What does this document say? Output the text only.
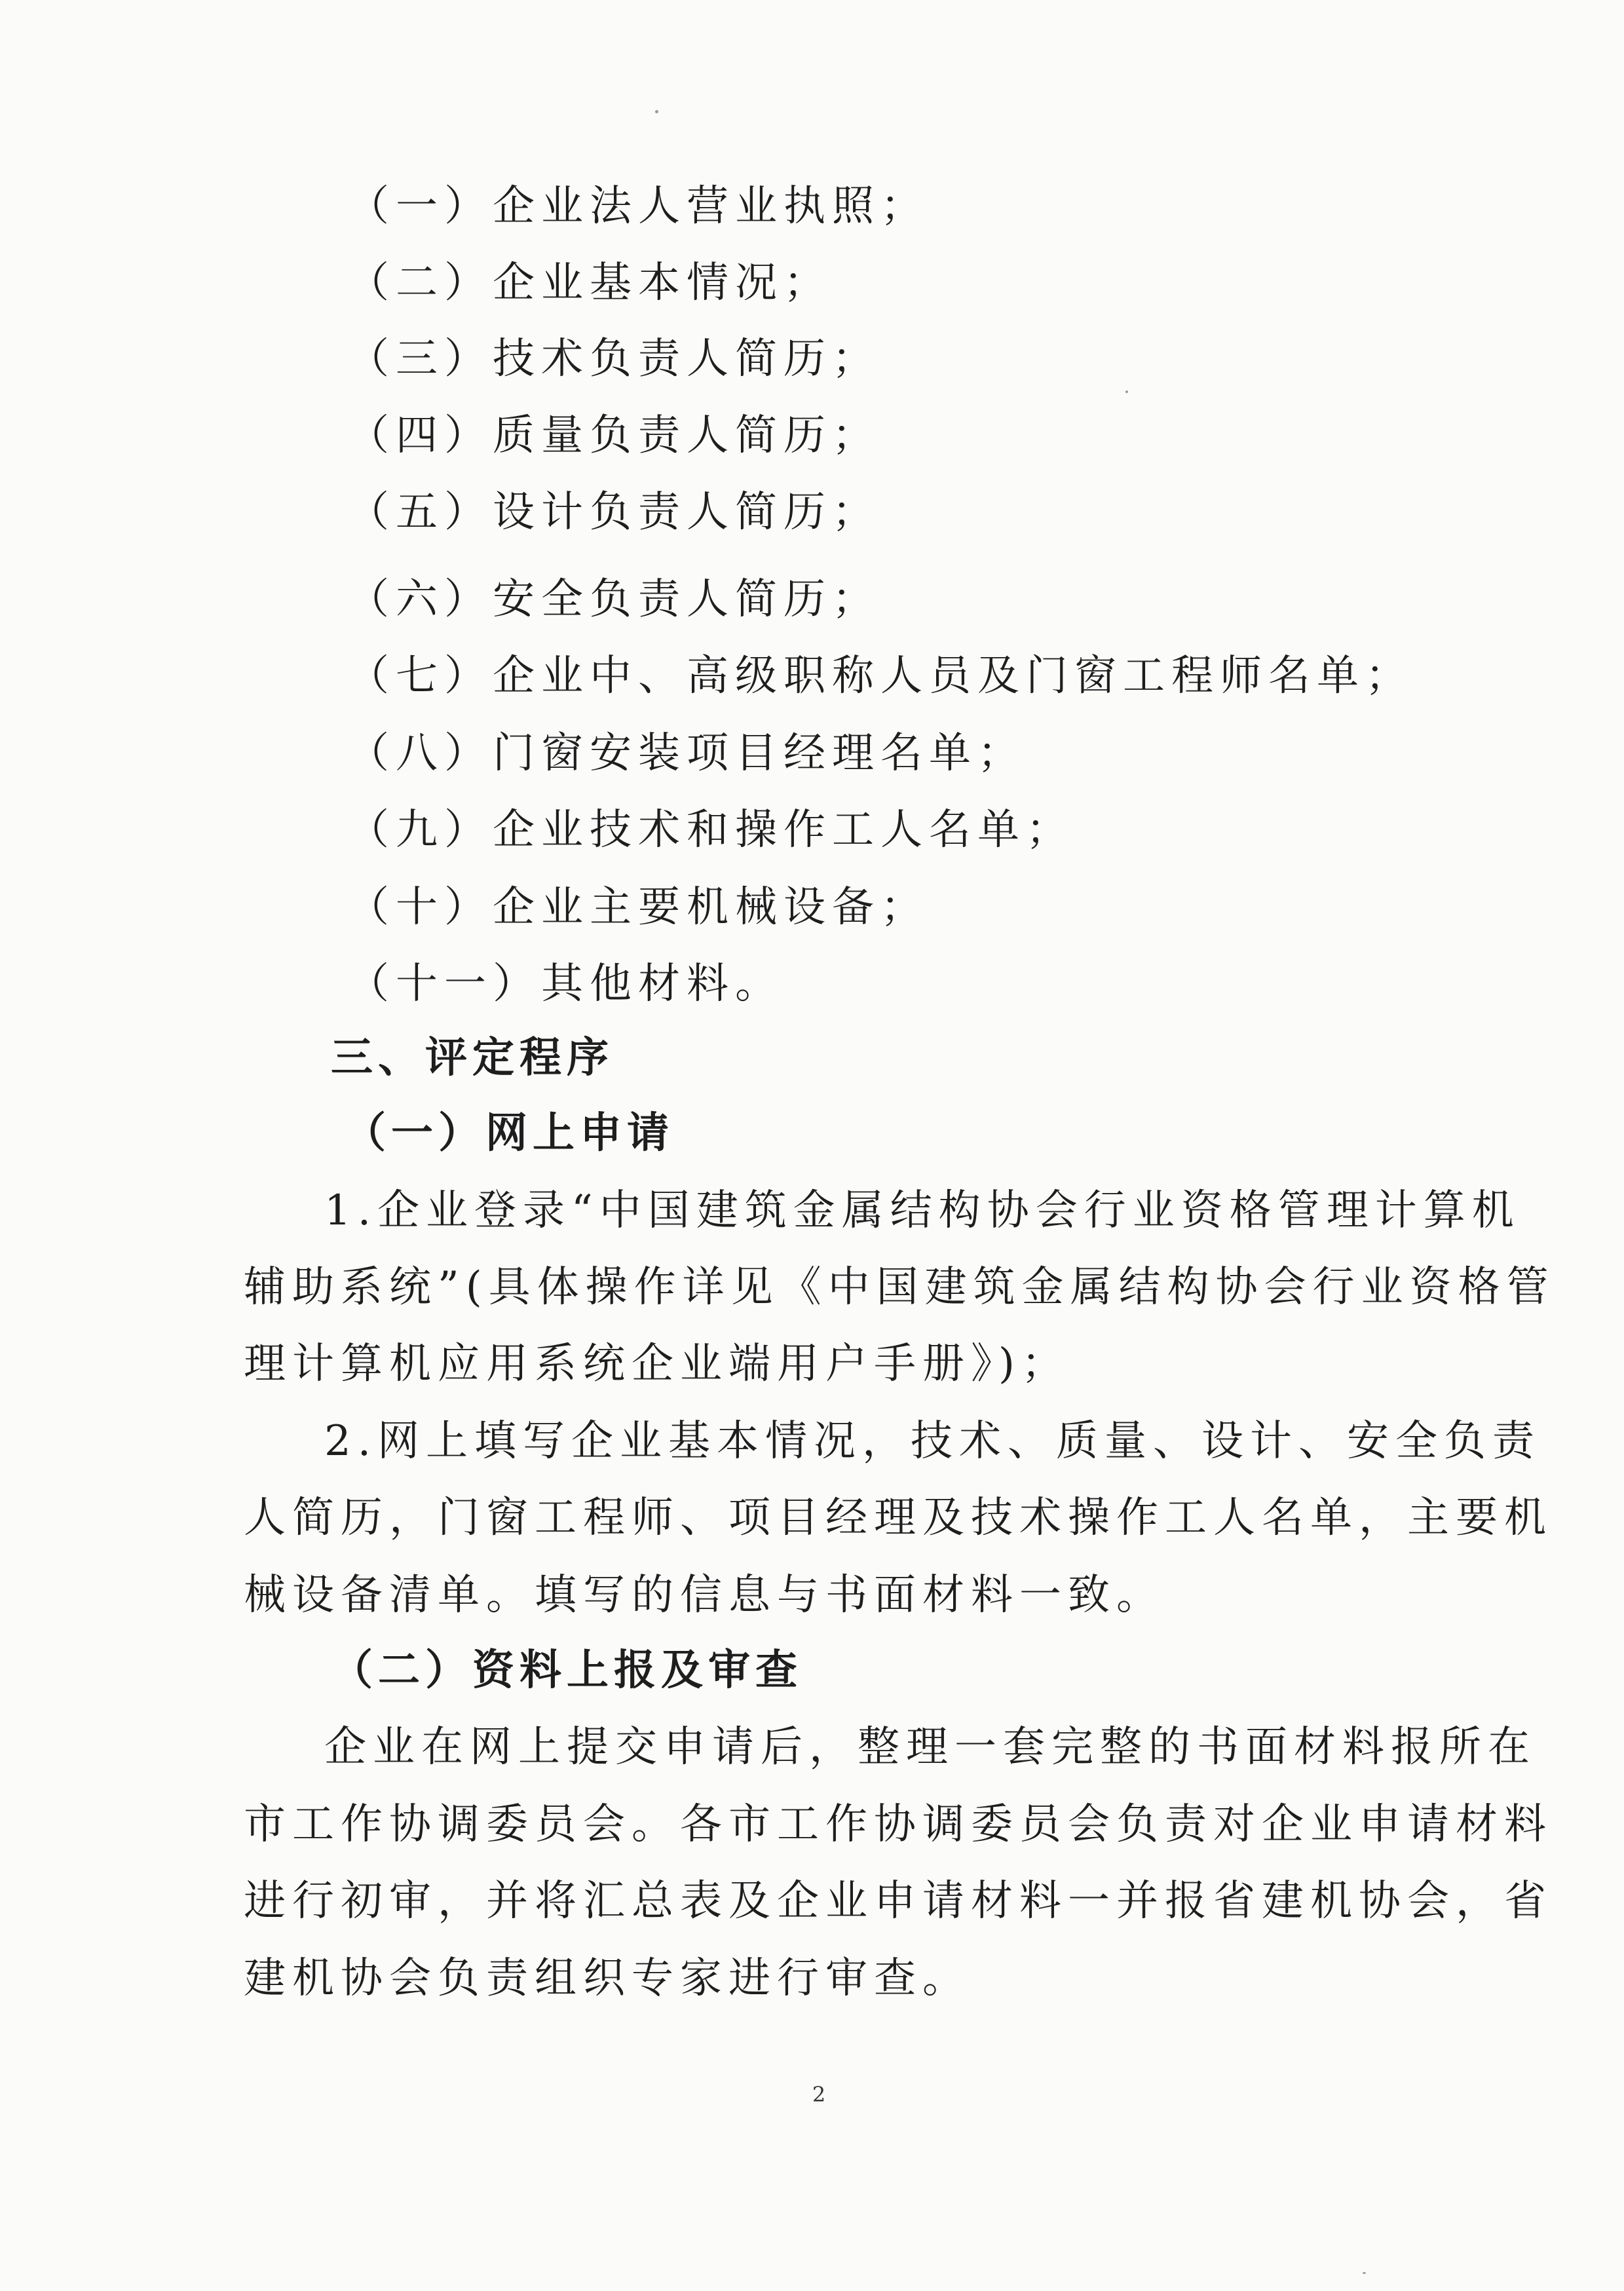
（一）企业法人营业执照；
（二）企业基本情况；
（三）技术负责人简历；
（四）质量负责人简历；
（五）设计负责人简历；
（六）安全负责人简历；
（七）企业中、高级职称人员及门窗工程师名单；
（八）门窗安装项目经理名单；
（九）企业技术和操作工人名单；
（十）企业主要机械设备；
（十一）其他材料。
三、评定程序
（一）网上申请
1.企业登录“中国建筑金属结构协会行业资格管理计算机
辅助系统”(具体操作详见《中国建筑金属结构协会行业资格管
理计算机应用系统企业端用户手册》)；
2.网上填写企业基本情况，技术、质量、设计、安全负责
人简历，门窗工程师、项目经理及技术操作工人名单，主要机
械设备清单。填写的信息与书面材料一致。
（二）资料上报及审查
企业在网上提交申请后，整理一套完整的书面材料报所在
市工作协调委员会。各市工作协调委员会负责对企业申请材料
进行初审，并将汇总表及企业申请材料一并报省建机协会，省
建机协会负责组织专家进行审查。
2
